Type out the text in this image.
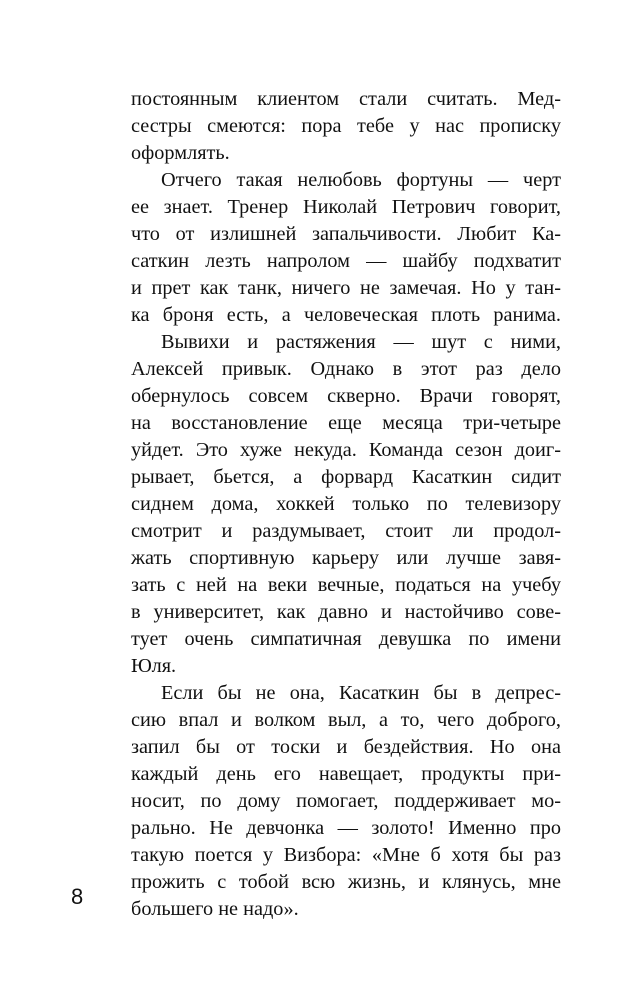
постоянным клиентом стали считать. Мед-
сестры смеются: пора тебе у нас прописку
оформлять.
Отчего такая нелюбовь фортуны — черт
ее знает. Тренер Николай Петрович говорит,
что от излишней запальчивости. Любит Ка-
саткин лезть напролом — шайбу подхватит
и прет как танк, ничего не замечая. Но у тан-
ка броня есть, а человеческая плоть ранима.
Вывихи и растяжения — шут с ними,
Алексей привык. Однако в этот раз дело
обернулось совсем скверно. Врачи говорят,
на восстановление еще месяца три-четыре
уйдет. Это хуже некуда. Команда сезон доиг-
рывает, бьется, а форвард Касаткин сидит
сиднем дома, хоккей только по телевизору
смотрит и раздумывает, стоит ли продол-
жать спортивную карьеру или лучше завя-
зать с ней на веки вечные, податься на учебу
в университет, как давно и настойчиво сове-
тует очень симпатичная девушка по имени
Юля.
Если бы не она, Касаткин бы в депрес-
сию впал и волком выл, а то, чего доброго,
запил бы от тоски и бездействия. Но она
каждый день его навещает, продукты при-
носит, по дому помогает, поддерживает мо-
рально. Не девчонка — золото! Именно про
такую поется у Визбора: «Мне б хотя бы раз
прожить с тобой всю жизнь, и клянусь, мне
большего не надо».
8
